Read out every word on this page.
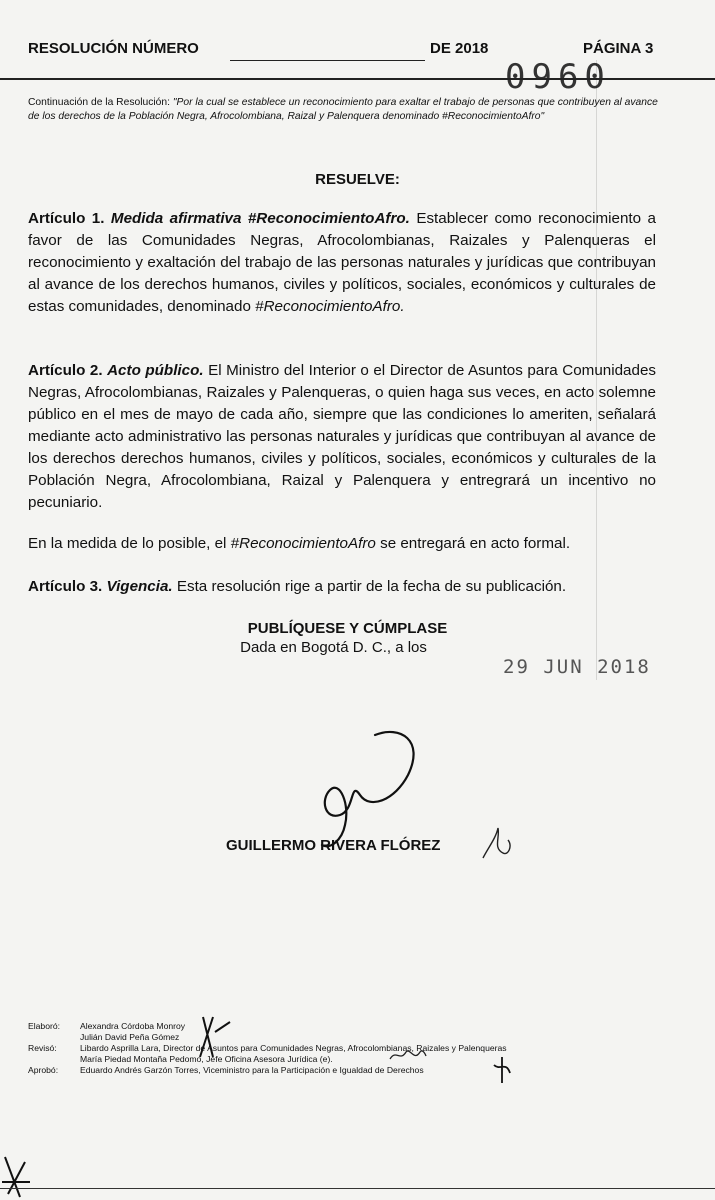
RESOLUCIÓN NÚMERO
0960
DE 2018	PÁGINA 3
Continuación de la Resolución: "Por la cual se establece un reconocimiento para exaltar el trabajo de personas que contribuyen al avance de los derechos de la Población Negra, Afrocolombiana, Raizal y Palenquera denominado #ReconocimientoAfro"
RESUELVE:
Artículo 1. Medida afirmativa #ReconocimientoAfro. Establecer como reconocimiento a favor de las Comunidades Negras, Afrocolombianas, Raizales y Palenqueras el reconocimiento y exaltación del trabajo de las personas naturales y jurídicas que contribuyan al avance de los derechos humanos, civiles y políticos, sociales, económicos y culturales de estas comunidades, denominado #ReconocimientoAfro.
Artículo 2. Acto público. El Ministro del Interior o el Director de Asuntos para Comunidades Negras, Afrocolombianas, Raizales y Palenqueras, o quien haga sus veces, en acto solemne público en el mes de mayo de cada año, siempre que las condiciones lo ameriten, señalará mediante acto administrativo las personas naturales y jurídicas que contribuyan al avance de los derechos derechos humanos, civiles y políticos, sociales, económicos y culturales de la Población Negra, Afrocolombiana, Raizal y Palenquera y entregrará un incentivo no pecuniario.
En la medida de lo posible, el #ReconocimientoAfro se entregará en acto formal.
Artículo 3. Vigencia. Esta resolución rige a partir de la fecha de su publicación.
PUBLÍQUESE Y CÚMPLASE
Dada en Bogotá D. C., a los
29 JUN 2018
GUILLERMO RIVERA FLÓREZ
Elaboró: Alexandra Córdoba Monroy
Julián David Peña Gómez
Revisó:	Libardo Asprilla Lara, Director de Asuntos para Comunidades Negras, Afrocolombianas, Raizales y Palenqueras
María Piedad Montaña Pedomo, Jefe Oficina Asesora Jurídica (e).
Aprobó:	Eduardo Andrés Garzón Torres, Viceministro para la Participación e Igualdad de Derechos
